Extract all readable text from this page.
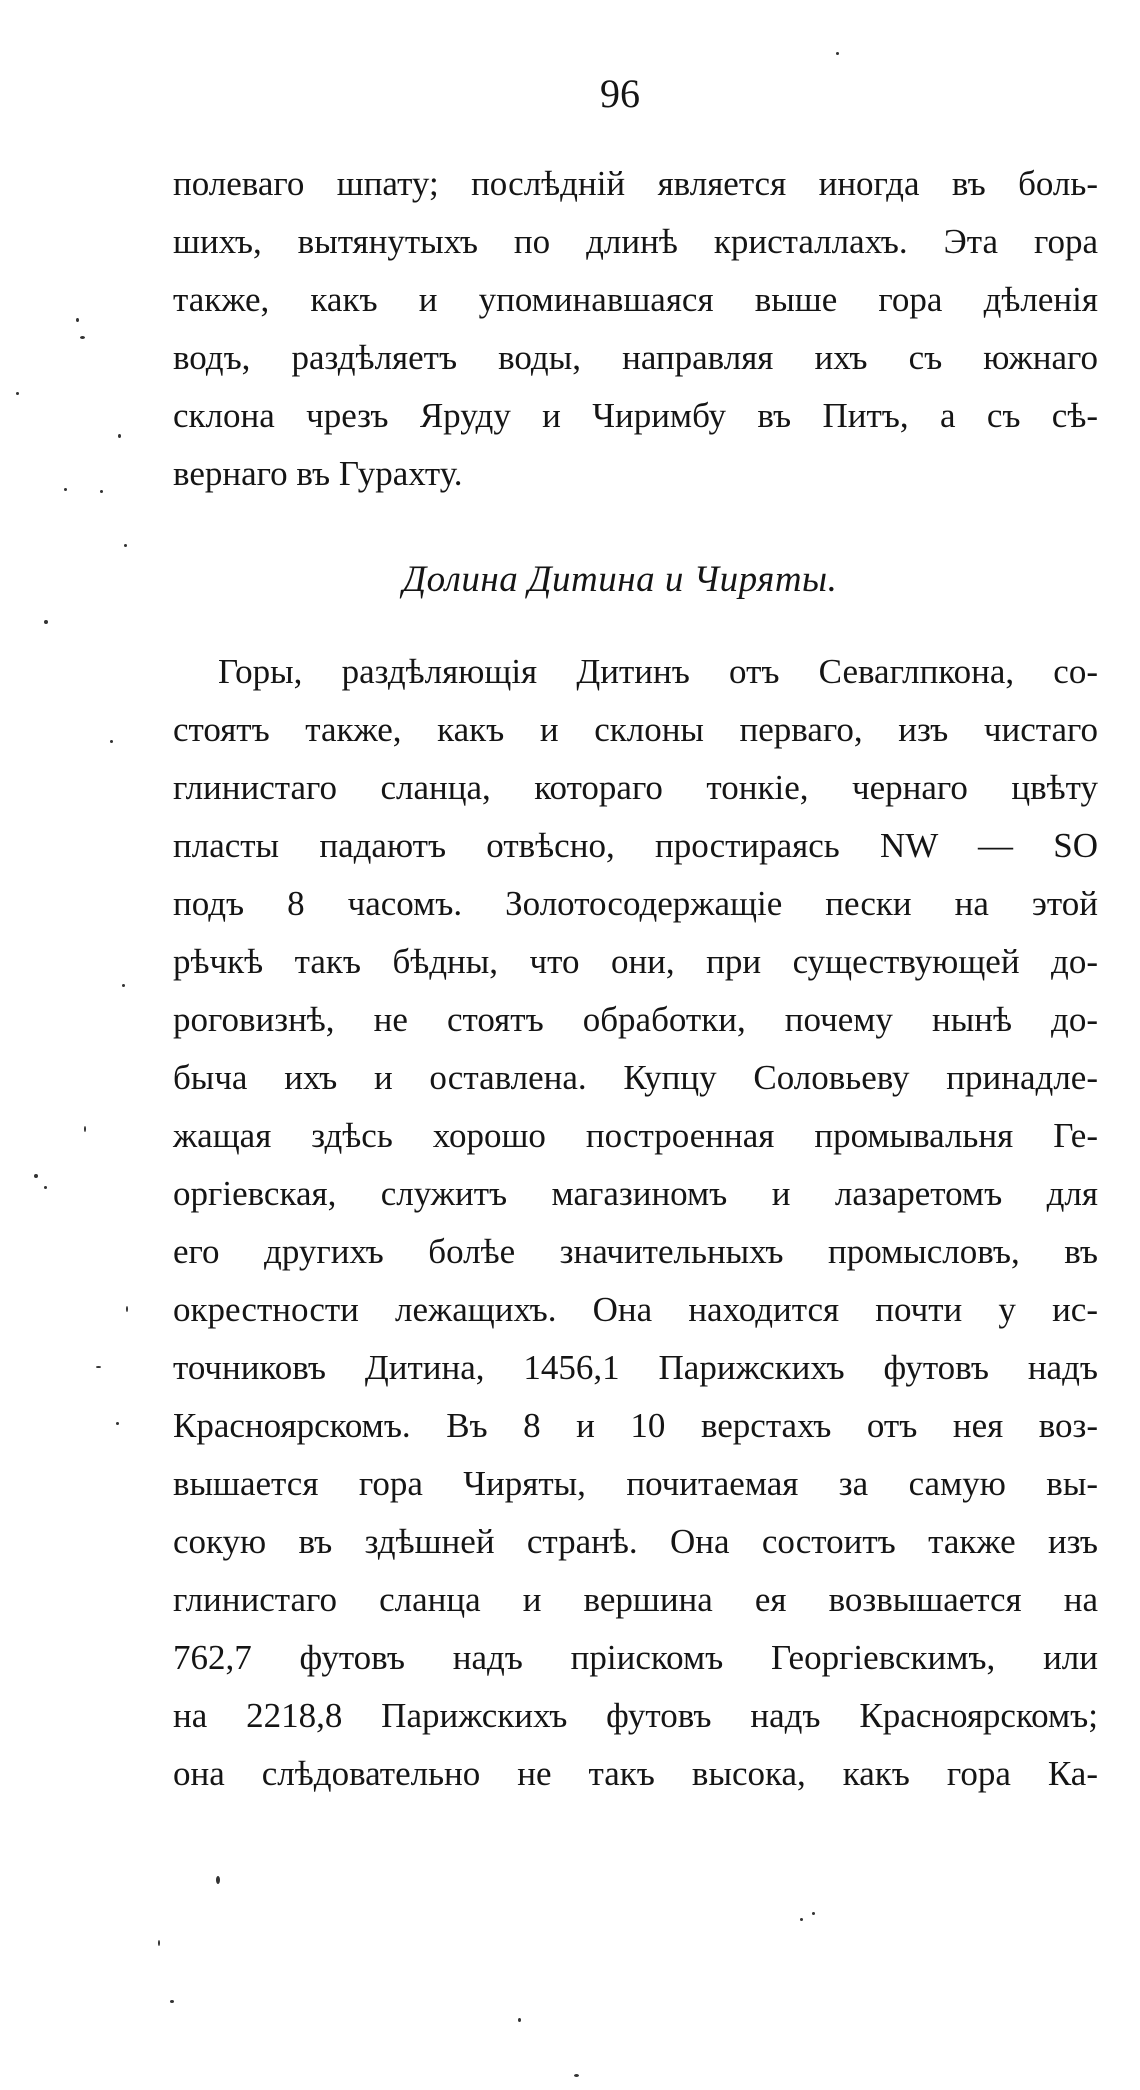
96
полеваго шпату; послѣдній является иногда въ боль-
шихъ, вытянутыхъ по длинѣ кристаллахъ. Эта гора
также, какъ и упоминавшаяся выше гора дѣленія
водъ, раздѣляетъ воды, направляя ихъ съ южнаго
склона чрезъ Яруду и Чиримбу въ Питъ, а съ сѣ-
вернаго въ Гурахту.
Долина Дитина и Чиряты.
Горы, раздѣляющія Дитинъ отъ Севаглпкона, со-
стоятъ также, какъ и склоны перваго, изъ чистаго
глинистаго сланца, котораго тонкіе, чернаго цвѣту
пласты падаютъ отвѣсно, простираясь NW — SO
подъ 8 часомъ. Золотосодержащіе пески на этой
рѣчкѣ такъ бѣдны, что они, при существующей до-
роговизнѣ, не стоятъ обработки, почему нынѣ до-
быча ихъ и оставлена. Купцу Соловьеву принадле-
жащая здѣсь хорошо построенная промывальня Ге-
оргіевская, служитъ магазиномъ и лазаретомъ для
его другихъ болѣе значительныхъ промысловъ, въ
окрестности лежащихъ. Она находится почти у ис-
точниковъ Дитина, 1456,1 Парижскихъ футовъ надъ
Красноярскомъ. Въ 8 и 10 верстахъ отъ нея воз-
вышается гора Чиряты, почитаемая за самую вы-
сокую въ здѣшней странѣ. Она состоитъ также изъ
глинистаго сланца и вершина ея возвышается на
762,7 футовъ надъ пріискомъ Георгіевскимъ, или
на 2218,8 Парижскихъ футовъ надъ Красноярскомъ;
она слѣдовательно не такъ высока, какъ гора Ка-
